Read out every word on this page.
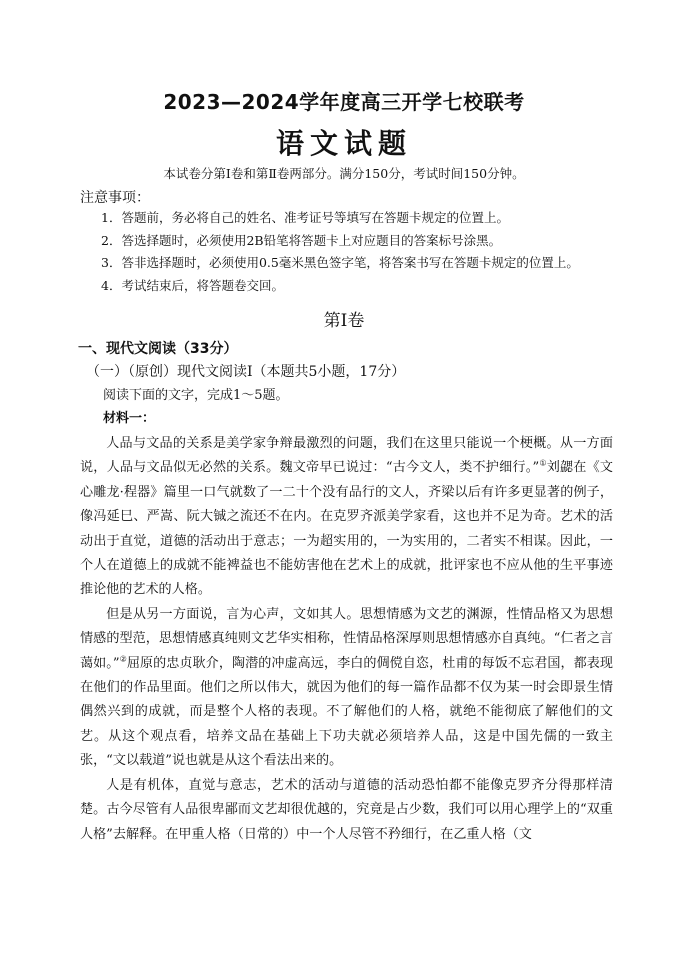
2023—2024学年度高三开学七校联考
语文试题
本试卷分第Ⅰ卷和第Ⅱ卷两部分。满分150分，考试时间150分钟。
注意事项：
1．答题前，务必将自己的姓名、准考证号等填写在答题卡规定的位置上。
2．答选择题时，必须使用2B铅笔将答题卡上对应题目的答案标号涂黑。
3．答非选择题时，必须使用0.5毫米黑色签字笔，将答案书写在答题卡规定的位置上。
4．考试结束后，将答题卷交回。
第Ⅰ卷
一、现代文阅读（33分）
（一）（原创）现代文阅读Ⅰ（本题共5小题，17分）
阅读下面的文字，完成1～5题。
材料一：

人品与文品的关系是美学家争辩最激烈的问题，我们在这里只能说一个梗概。从一方面说，人品与文品似无必然的关系。魏文帝早已说过：“古今文人，类不护细行。”①刘勰在《文心雕龙·程器》篇里一口气就数了一二十个没有品行的文人，齐梁以后有许多更显著的例子，像冯延巳、严嵩、阮大铖之流还不在内。在克罗齐派美学家看，这也并不足为奇。艺术的活动出于直觉，道德的活动出于意志；一为超实用的，一为实用的，二者实不相谋。因此，一个人在道德上的成就不能裨益也不能妨害他在艺术上的成就，批评家也不应从他的生平事迹推论他的艺术的人格。

但是从另一方面说，言为心声，文如其人。思想情感为文艺的渊源，性情品格又为思想情感的型范，思想情感真纯则文艺华实相称，性情品格深厚则思想情感亦自真纯。“仁者之言蔼如。”②屈原的忠贞耿介，陶潜的冲虚高远，李白的倜傥自恣，杜甫的每饭不忘君国，都表现在他们的作品里面。他们之所以伟大，就因为他们的每一篇作品都不仅为某一时会即景生情偶然兴到的成就，而是整个人格的表现。不了解他们的人格，就绝不能彻底了解他们的文艺。从这个观点看，培养文品在基础上下功夫就必须培养人品，这是中国先儒的一致主张，“文以载道”说也就是从这个看法出来的。

人是有机体，直觉与意志，艺术的活动与道德的活动恐怕都不能像克罗齐分得那样清楚。古今尽管有人品很卑鄙而文艺却很优越的，究竟是占少数，我们可以用心理学上的“双重人格”去解释。在甲重人格（日常的）中一个人尽管不矜细行，在乙重人格（文
